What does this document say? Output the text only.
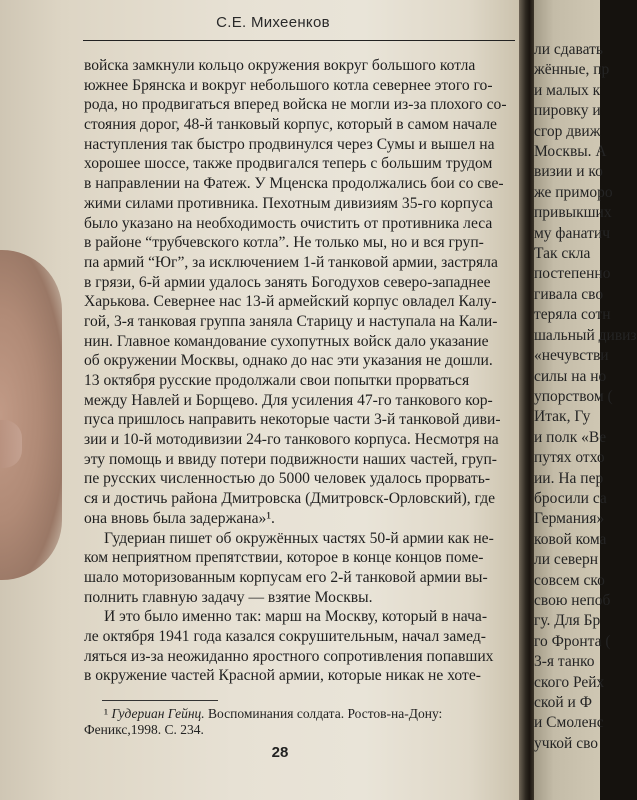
С.Е. Михеенков
войска замкнули кольцо окружения вокруг большого котла
южнее Брянска и вокруг небольшого котла севернее этого го-
рода, но продвигаться вперед войска не могли из-за плохого со-
стояния дорог, 48-й танковый корпус, который в самом начале
наступления так быстро продвинулся через Сумы и вышел на
хорошее шоссе, также продвигался теперь с большим трудом
в направлении на Фатеж. У Мценска продолжались бои со све-
жими силами противника. Пехотным дивизиям 35-го корпуса
было указано на необходимость очистить от противника леса
в районе “трубчевского котла”. Не только мы, но и вся груп-
па армий “Юг”, за исключением 1-й танковой армии, застряла
в грязи, 6-й армии удалось занять Богодухов северо-западнее
Харькова. Севернее нас 13-й армейский корпус овладел Калу-
гой, 3-я танковая группа заняла Старицу и наступала на Кали-
нин. Главное командование сухопутных войск дало указание
об окружении Москвы, однако до нас эти указания не дошли.
13 октября русские продолжали свои попытки прорваться
между Навлей и Борщево. Для усиления 47-го танкового кор-
пуса пришлось направить некоторые части 3-й танковой диви-
зии и 10-й мотодивизии 24-го танкового корпуса. Несмотря на
эту помощь и ввиду потери подвижности наших частей, груп-
пе русских численностью до 5000 человек удалось прорвать-
ся и достичь района Дмитровска (Дмитровск-Орловский), где
она вновь была задержана»¹.
Гудериан пишет об окружённых частях 50-й армии как не-
ком неприятном препятствии, которое в конце концов поме-
шало моторизованным корпусам его 2-й танковой армии вы-
полнить главную задачу — взятие Москвы.
И это было именно так: марш на Москву, который в нача-
ле октября 1941 года казался сокрушительным, начал замед-
ляться из-за неожиданно яростного сопротивления попавших
в окружение частей Красной армии, которые никак не хоте-
¹ Гудериан Гейнц. Воспоминания солдата. Ростов-на-Дону:
Феникс,1998. С. 234.
28
ли сдавать
жённые, пр
и малых к
пировку и
сгор движ
Москвы. А
визии и ко
же приморо
привыкших
му фанатич
Так скла
постепенно
гивала сво
теряла сотн
шальный дивиз
«нечувстви
силы на но
упорством (
Итак, Гу
и полк «Ве
путях отхо
ии. На пер
бросили са
Германия»
ковой кома
ли северн
совсем ско
свою непоб
гу. Для Бр
го Фронта (
3-я танко
ского Рейх
ской и Ф
и Смоленс
учкой сво
